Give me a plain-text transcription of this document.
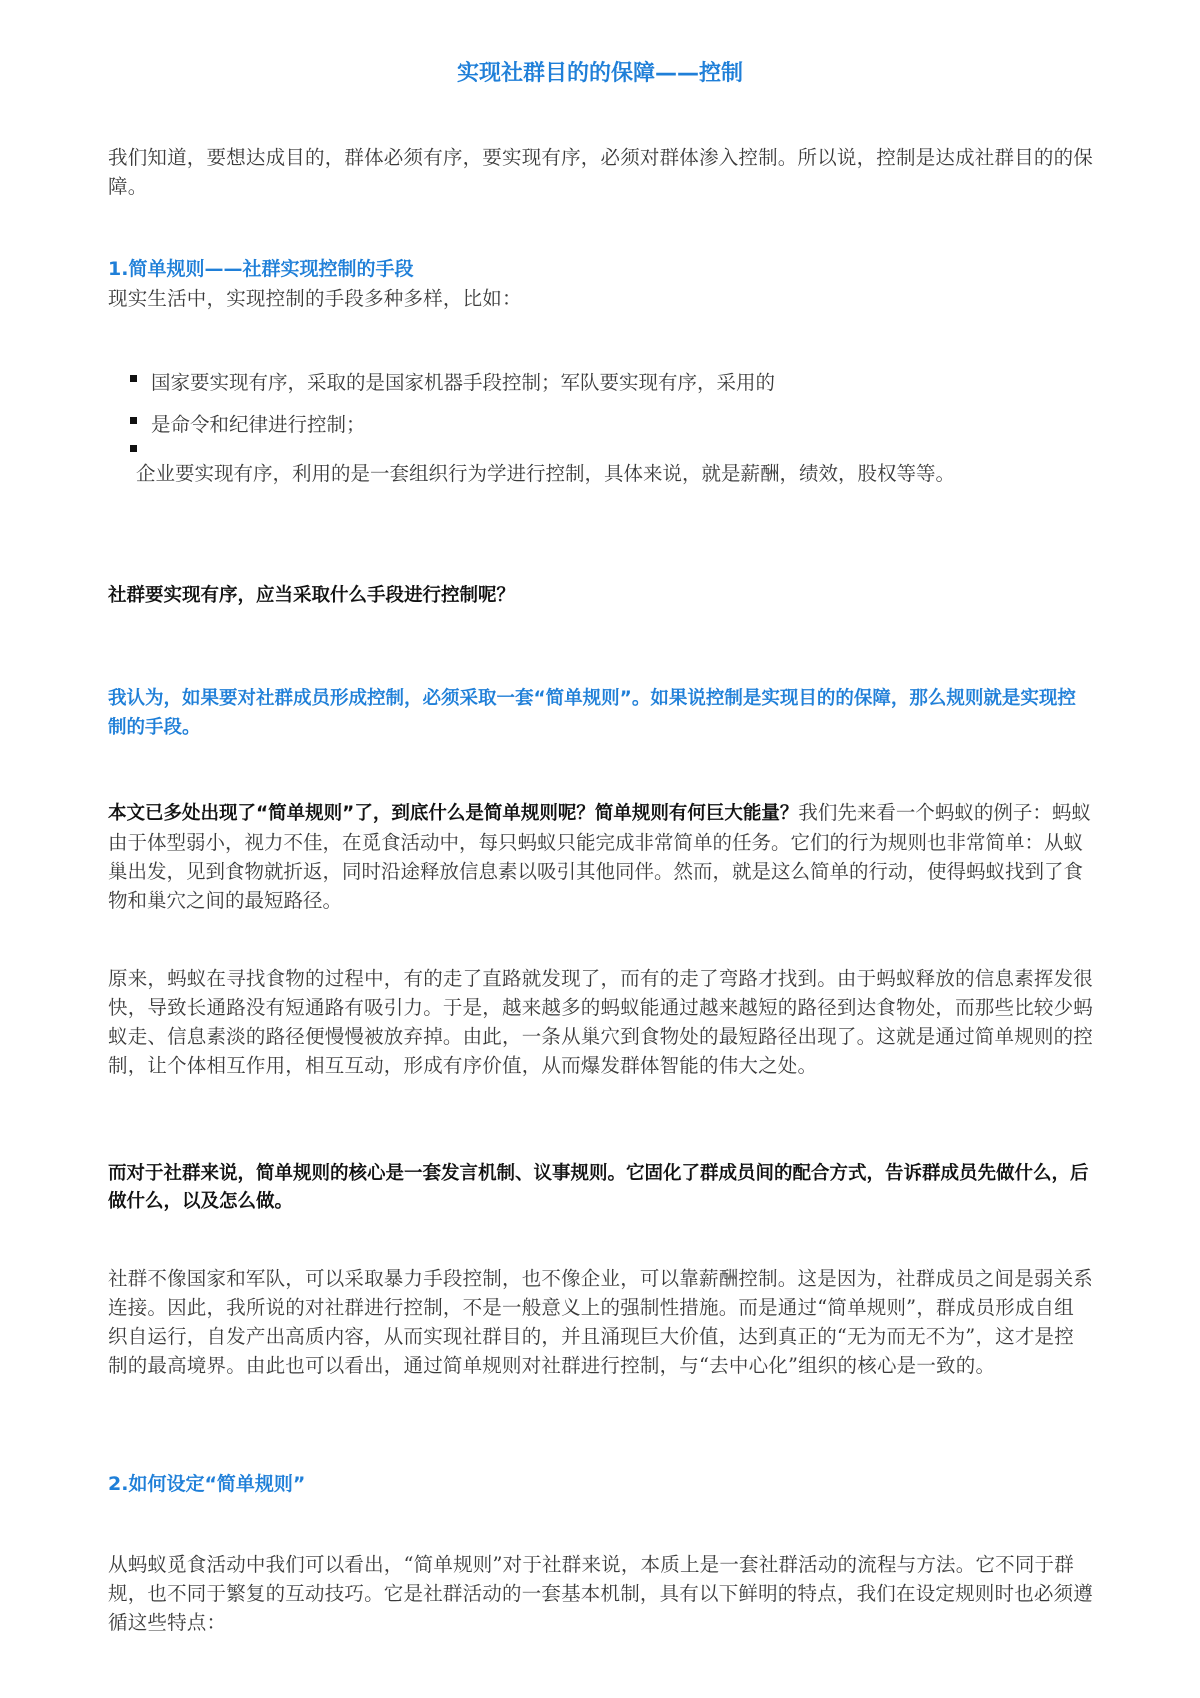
实现社群目的的保障——控制

我们知道，要想达成目的，群体必须有序，要实现有序，必须对群体渗入控制。所以说，控制是达成社群目的的保障。

1.简单规则——社群实现控制的手段

现实生活中，实现控制的手段多种多样，比如：

国家要实现有序，采取的是国家机器手段控制；军队要实现有序，采用的
是命令和纪律进行控制；
企业要实现有序，利用的是一套组织行为学进行控制，具体来说，就是薪酬，绩效，股权等等。
社群要实现有序，应当采取什么手段进行控制呢？

我认为，如果要对社群成员形成控制，必须采取一套“简单规则”。如果说控制是实现目的的保障，那么规则就是实现控制的手段。

本文已多处出现了“简单规则”了，到底什么是简单规则呢？简单规则有何巨大能量？我们先来看一个蚂蚁的例子：蚂蚁由于体型弱小，视力不佳，在觅食活动中，每只蚂蚁只能完成非常简单的任务。它们的行为规则也非常简单：从蚁巢出发，见到食物就折返，同时沿途释放信息素以吸引其他同伴。然而，就是这么简单的行动，使得蚂蚁找到了食物和巢穴之间的最短路径。

原来，蚂蚁在寻找食物的过程中，有的走了直路就发现了，而有的走了弯路才找到。由于蚂蚁释放的信息素挥发很快，导致长通路没有短通路有吸引力。于是，越来越多的蚂蚁能通过越来越短的路径到达食物处，而那些比较少蚂蚁走、信息素淡的路径便慢慢被放弃掉。由此，一条从巢穴到食物处的最短路径出现了。这就是通过简单规则的控制，让个体相互作用，相互互动，形成有序价值，从而爆发群体智能的伟大之处。

而对于社群来说，简单规则的核心是一套发言机制、议事规则。它固化了群成员间的配合方式，告诉群成员先做什么，后做什么，以及怎么做。

社群不像国家和军队，可以采取暴力手段控制，也不像企业，可以靠薪酬控制。这是因为，社群成员之间是弱关系连接。因此，我所说的对社群进行控制，不是一般意义上的强制性措施。而是通过“简单规则”，群成员形成自组织自运行，自发产出高质内容，从而实现社群目的，并且涌现巨大价值，达到真正的“无为而无不为”，这才是控制的最高境界。由此也可以看出，通过简单规则对社群进行控制，与“去中心化”组织的核心是一致的。

2.如何设定“简单规则”

从蚂蚁觅食活动中我们可以看出，“简单规则”对于社群来说，本质上是一套社群活动的流程与方法。它不同于群规，也不同于繁复的互动技巧。它是社群活动的一套基本机制，具有以下鲜明的特点，我们在设定规则时也必须遵循这些特点：
